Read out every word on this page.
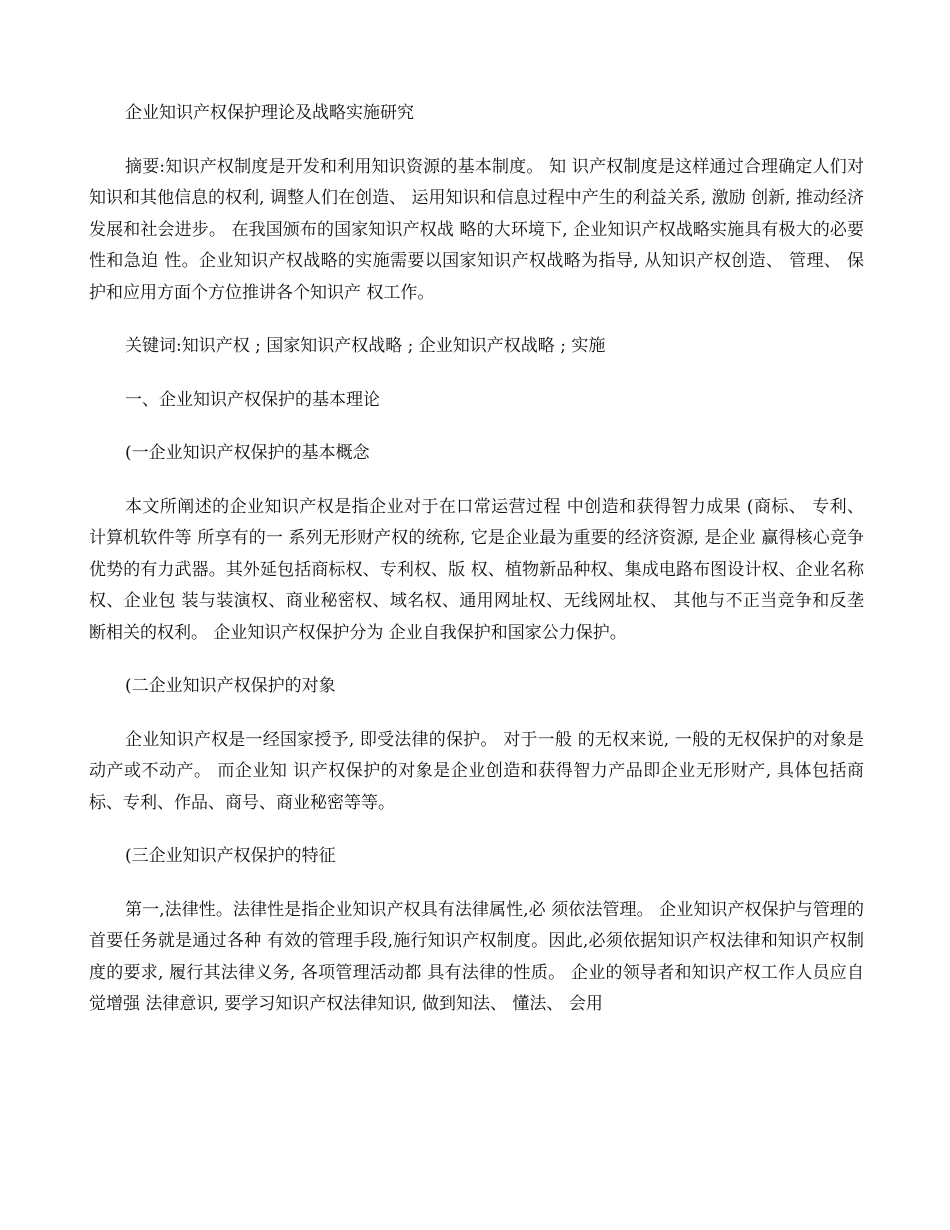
企业知识产权保护理论及战略实施研究

摘要:知识产权制度是开发和利用知识资源的基本制度。 知 识产权制度是这样通过合理确定人们对知识和其他信息的权利, 调整人们在创造、 运用知识和信息过程中产生的利益关系, 激励 创新, 推动经济发展和社会进步。 在我国颁布的国家知识产权战 略的大环境下, 企业知识产权战略实施具有极大的必要性和急迫 性。企业知识产权战略的实施需要以国家知识产权战略为指导, 从知识产权创造、 管理、 保护和应用方面个方位推讲各个知识产 权工作。

关键词:知识产权 ; 国家知识产权战略 ; 企业知识产权战略 ; 实施

一、企业知识产权保护的基本理论

(一企业知识产权保护的基本概念

本文所阐述的企业知识产权是指企业对于在口常运营过程 中创造和获得智力成果 (商标、 专利、 计算机软件等 所享有的一 系列无形财产权的统称, 它是企业最为重要的经济资源, 是企业 赢得核心竞争优势的有力武器。其外延包括商标权、专利权、版 权、植物新品种权、集成电路布图设计权、企业名称权、企业包 装与装演权、商业秘密权、域名权、通用网址权、无线网址权、 其他与不正当竞争和反垄断相关的权利。 企业知识产权保护分为 企业自我保护和国家公力保护。

(二企业知识产权保护的对象

企业知识产权是一经国家授予, 即受法律的保护。 对于一般 的无权来说, 一般的无权保护的对象是动产或不动产。 而企业知 识产权保护的对象是企业创造和获得智力产品即企业无形财产, 具体包括商标、专利、作品、商号、商业秘密等等。

(三企业知识产权保护的特征

第一,法律性。法律性是指企业知识产权具有法律属性,必 须依法管理。 企业知识产权保护与管理的首要任务就是通过各种 有效的管理手段,施行知识产权制度。因此,必须依据知识产权法律和知识产权制度的要求, 履行其法律义务, 各项管理活动都 具有法律的性质。 企业的领导者和知识产权工作人员应自觉增强 法律意识, 要学习知识产权法律知识, 做到知法、 懂法、 会用
